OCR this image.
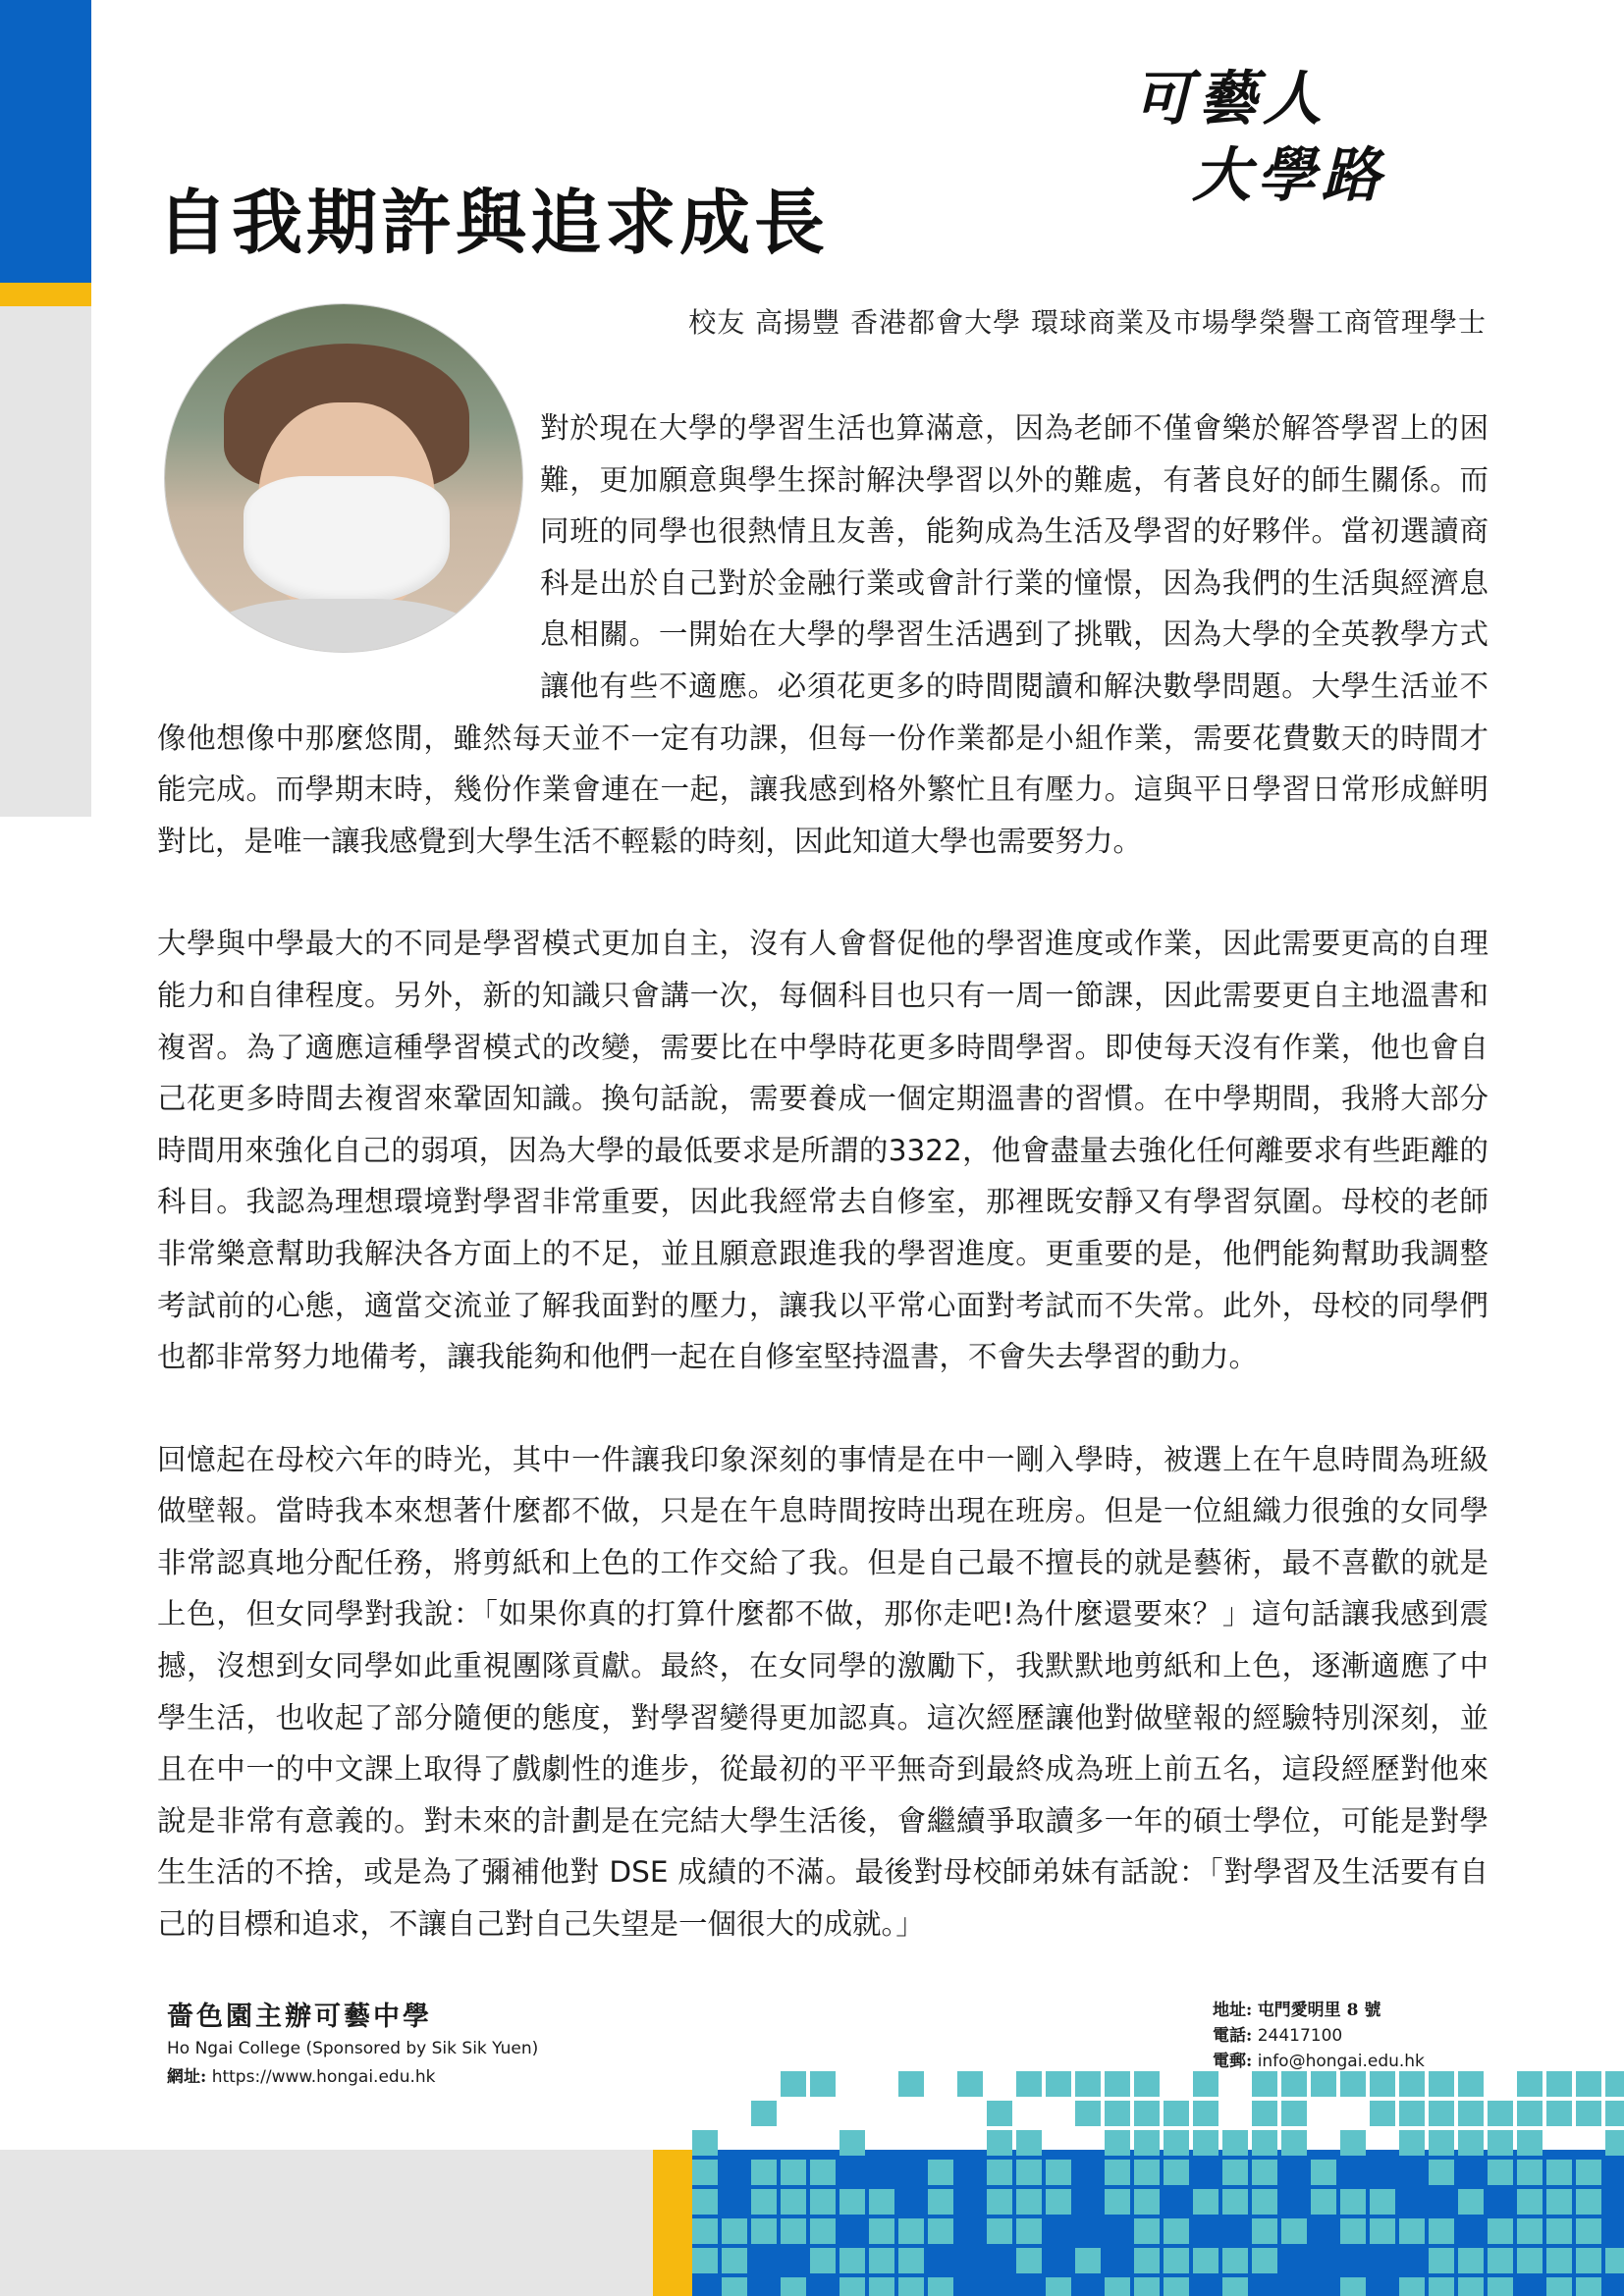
可藝人
大學路
自我期許與追求成長
校友 高揚豐 香港都會大學 環球商業及市場學榮譽工商管理學士

對於現在大學的學習生活也算滿意，因為老師不僅會樂於解答學習上的困難，更加願意與學生探討解決學習以外的難處，有著良好的師生關係。而同班的同學也很熱情且友善，能夠成為生活及學習的好夥伴。當初選讀商科是出於自己對於金融行業或會計行業的憧憬，因為我們的生活與經濟息息相關。一開始在大學的學習生活遇到了挑戰，因為大學的全英教學方式讓他有些不適應。必須花更多的時間閱讀和解決數學問題。大學生活並不像他想像中那麼悠閒，雖然每天並不一定有功課，但每一份作業都是小組作業，需要花費數天的時間才能完成。而學期末時，幾份作業會連在一起，讓我感到格外繁忙且有壓力。這與平日學習日常形成鮮明對比，是唯一讓我感覺到大學生活不輕鬆的時刻，因此知道大學也需要努力。

大學與中學最大的不同是學習模式更加自主，沒有人會督促他的學習進度或作業，因此需要更高的自理能力和自律程度。另外，新的知識只會講一次，每個科目也只有一周一節課，因此需要更自主地溫書和複習。為了適應這種學習模式的改變，需要比在中學時花更多時間學習。即使每天沒有作業，他也會自己花更多時間去複習來鞏固知識。換句話說，需要養成一個定期溫書的習慣。在中學期間，我將大部分時間用來強化自己的弱項，因為大學的最低要求是所謂的3322，他會盡量去強化任何離要求有些距離的科目。我認為理想環境對學習非常重要，因此我經常去自修室，那裡既安靜又有學習氛圍。母校的老師非常樂意幫助我解決各方面上的不足，並且願意跟進我的學習進度。更重要的是，他們能夠幫助我調整考試前的心態，適當交流並了解我面對的壓力，讓我以平常心面對考試而不失常。此外，母校的同學們也都非常努力地備考，讓我能夠和他們一起在自修室堅持溫書，不會失去學習的動力。

回憶起在母校六年的時光，其中一件讓我印象深刻的事情是在中一剛入學時，被選上在午息時間為班級做壁報。當時我本來想著什麼都不做，只是在午息時間按時出現在班房。但是一位組織力很強的女同學非常認真地分配任務，將剪紙和上色的工作交給了我。但是自己最不擅長的就是藝術，最不喜歡的就是上色，但女同學對我說：「如果你真的打算什麼都不做，那你走吧!為什麼還要來？」這句話讓我感到震撼，沒想到女同學如此重視團隊貢獻。最終，在女同學的激勵下，我默默地剪紙和上色，逐漸適應了中學生活，也收起了部分隨便的態度，對學習變得更加認真。這次經歷讓他對做壁報的經驗特別深刻，並且在中一的中文課上取得了戲劇性的進步，從最初的平平無奇到最終成為班上前五名，這段經歷對他來說是非常有意義的。對未來的計劃是在完結大學生活後，會繼續爭取讀多一年的碩士學位，可能是對學生生活的不捨，或是為了彌補他對 DSE 成績的不滿。最後對母校師弟妹有話說：「對學習及生活要有自己的目標和追求，不讓自己對自己失望是一個很大的成就。」

嗇色園主辦可藝中學
Ho Ngai College (Sponsored by Sik Sik Yuen)
網址: https://www.hongai.edu.hk
地址: 屯門愛明里 8 號
電話: 24417100
電郵: info@hongai.edu.hk
